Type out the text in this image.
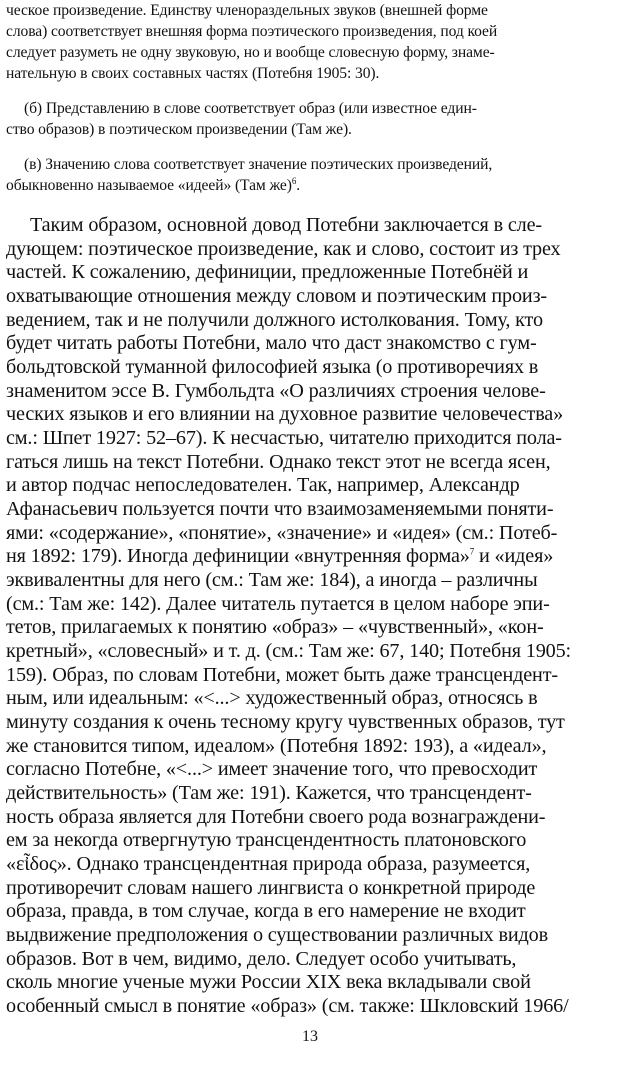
ческое произведение. Единству членораздельных звуков (внешней форме

слова) соответствует внешняя форма поэтического произведения, под коей

следует разуметь не одну звуковую, но и вообще словесную форму, знаме-

нательную в своих составных частях (Потебня 1905: 30).

(б) Представлению в слове соответствует образ (или известное един-

ство образов) в поэтическом произведении (Там же).

(в) Значению слова соответствует значение поэтических произведений,

обыкновенно называемое «идеей» (Там же)$^6$.

Таким образом, основной довод Потебни заключается в сле-

дующем: поэтическое произведение, как и слово, состоит из трех

частей. К сожалению, дефиниции, предложенные Потебнёй и

охватывающие отношения между словом и поэтическим произ-

ведением, так и не получили должного истолкования. Тому, кто

будет читать работы Потебни, мало что даст знакомство с гум-

больдтовской туманной философией языка (о противоречиях в

знаменитом эссе В. Гумбольдта «О различиях строения челове-

ческих языков и его влиянии на духовное развитие человечества»

см.: Шпет 1927: 52–67). К несчастью, читателю приходится пола-

гаться лишь на текст Потебни. Однако текст этот не всегда ясен,

и автор подчас непоследователен. Так, например, Александр

Афанасьевич пользуется почти что взаимозаменяемыми поняти-

ями: «содержание», «понятие», «значение» и «идея» (см.: Потеб-

ня 1892: 179). Иногда дефиниции «внутренняя форма»$^7$ и «идея»

эквивалентны для него (см.: Там же: 184), а иногда – различны

(см.: Там же: 142). Далее читатель путается в целом наборе эпи-

тетов, прилагаемых к понятию «образ» – «чувственный», «кон-

кретный», «словесный» и т. д. (см.: Там же: 67, 140; Потебня 1905:

159). Образ, по словам Потебни, может быть даже трансцендент-

ным, или идеальным: «<...> художественный образ, относясь в

минуту создания к очень тесному кругу чувственных образов, тут

же становится типом, идеалом» (Потебня 1892: 193), а «идеал»,

согласно Потебне, «<...> имеет значение того, что превосходит

действительность» (Там же: 191). Кажется, что трансцендент-

ность образа является для Потебни своего рода вознаграждени-

ем за некогда отвергнутую трансцендентность платоновского

«εἶδος». Однако трансцендентная природа образа, разумеется,

противоречит словам нашего лингвиста о конкретной природе

образа, правда, в том случае, когда в его намерение не входит

выдвижение предположения о существовании различных видов

образов. Вот в чем, видимо, дело. Следует особо учитывать,

сколь многие ученые мужи России XIX века вкладывали свой

особенный смысл в понятие «образ» (см. также: Шкловский 1966/

13
